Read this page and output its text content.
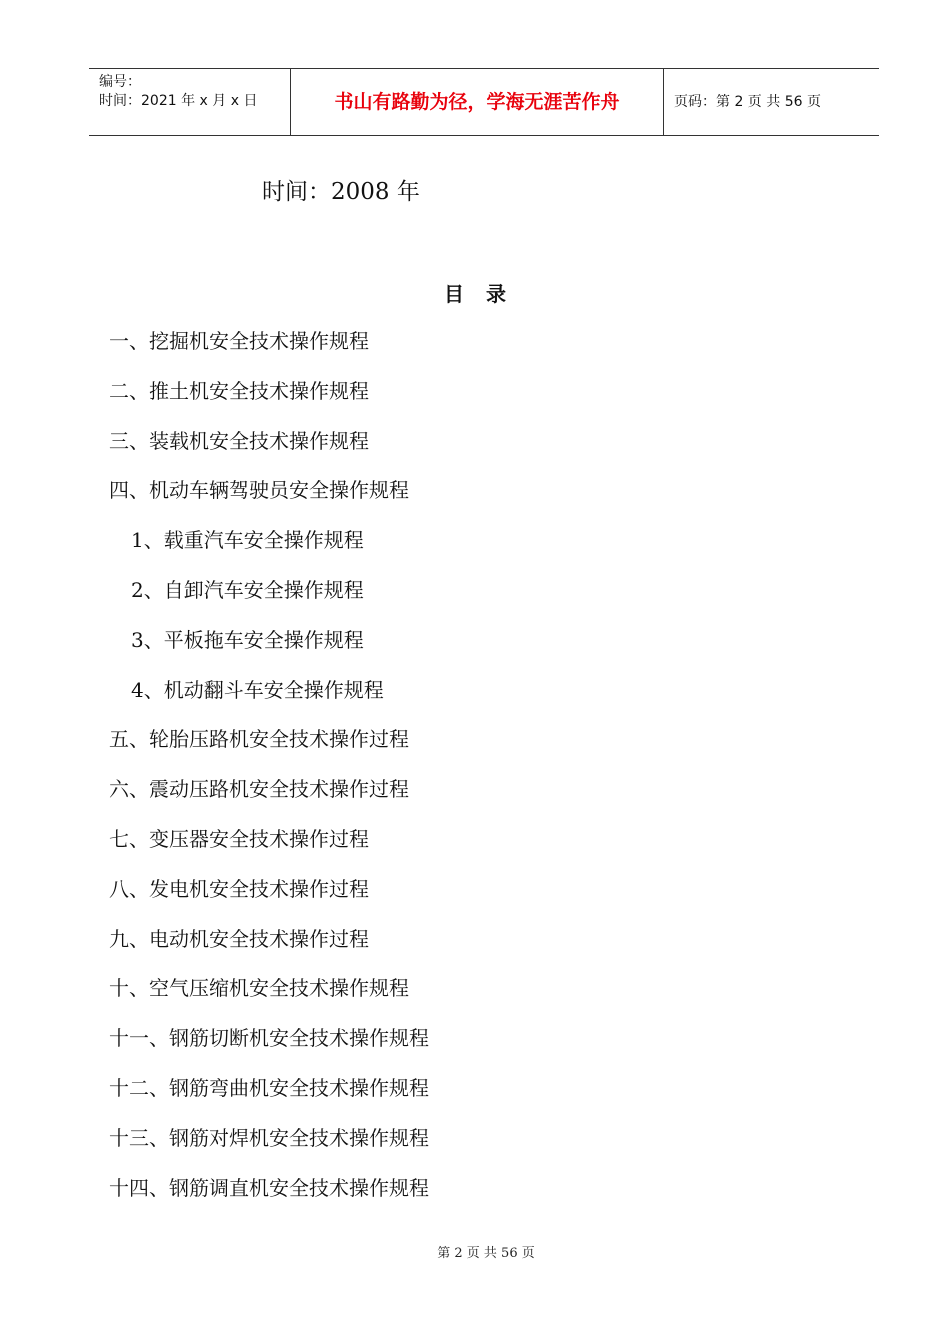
编号：
时间：2021 年 x 月 x 日	书山有路勤为径，学海无涯苦作舟	页码：第 2 页 共 56 页
时间：2008 年
目录
一、挖掘机安全技术操作规程
二、推土机安全技术操作规程
三、装载机安全技术操作规程
四、机动车辆驾驶员安全操作规程
1、载重汽车安全操作规程
2、自卸汽车安全操作规程
3、平板拖车安全操作规程
4、机动翻斗车安全操作规程
五、轮胎压路机安全技术操作过程
六、震动压路机安全技术操作过程
七、变压器安全技术操作过程
八、发电机安全技术操作过程
九、电动机安全技术操作过程
十、空气压缩机安全技术操作规程
十一、钢筋切断机安全技术操作规程
十二、钢筋弯曲机安全技术操作规程
十三、钢筋对焊机安全技术操作规程
十四、钢筋调直机安全技术操作规程
第 2 页 共 56 页
